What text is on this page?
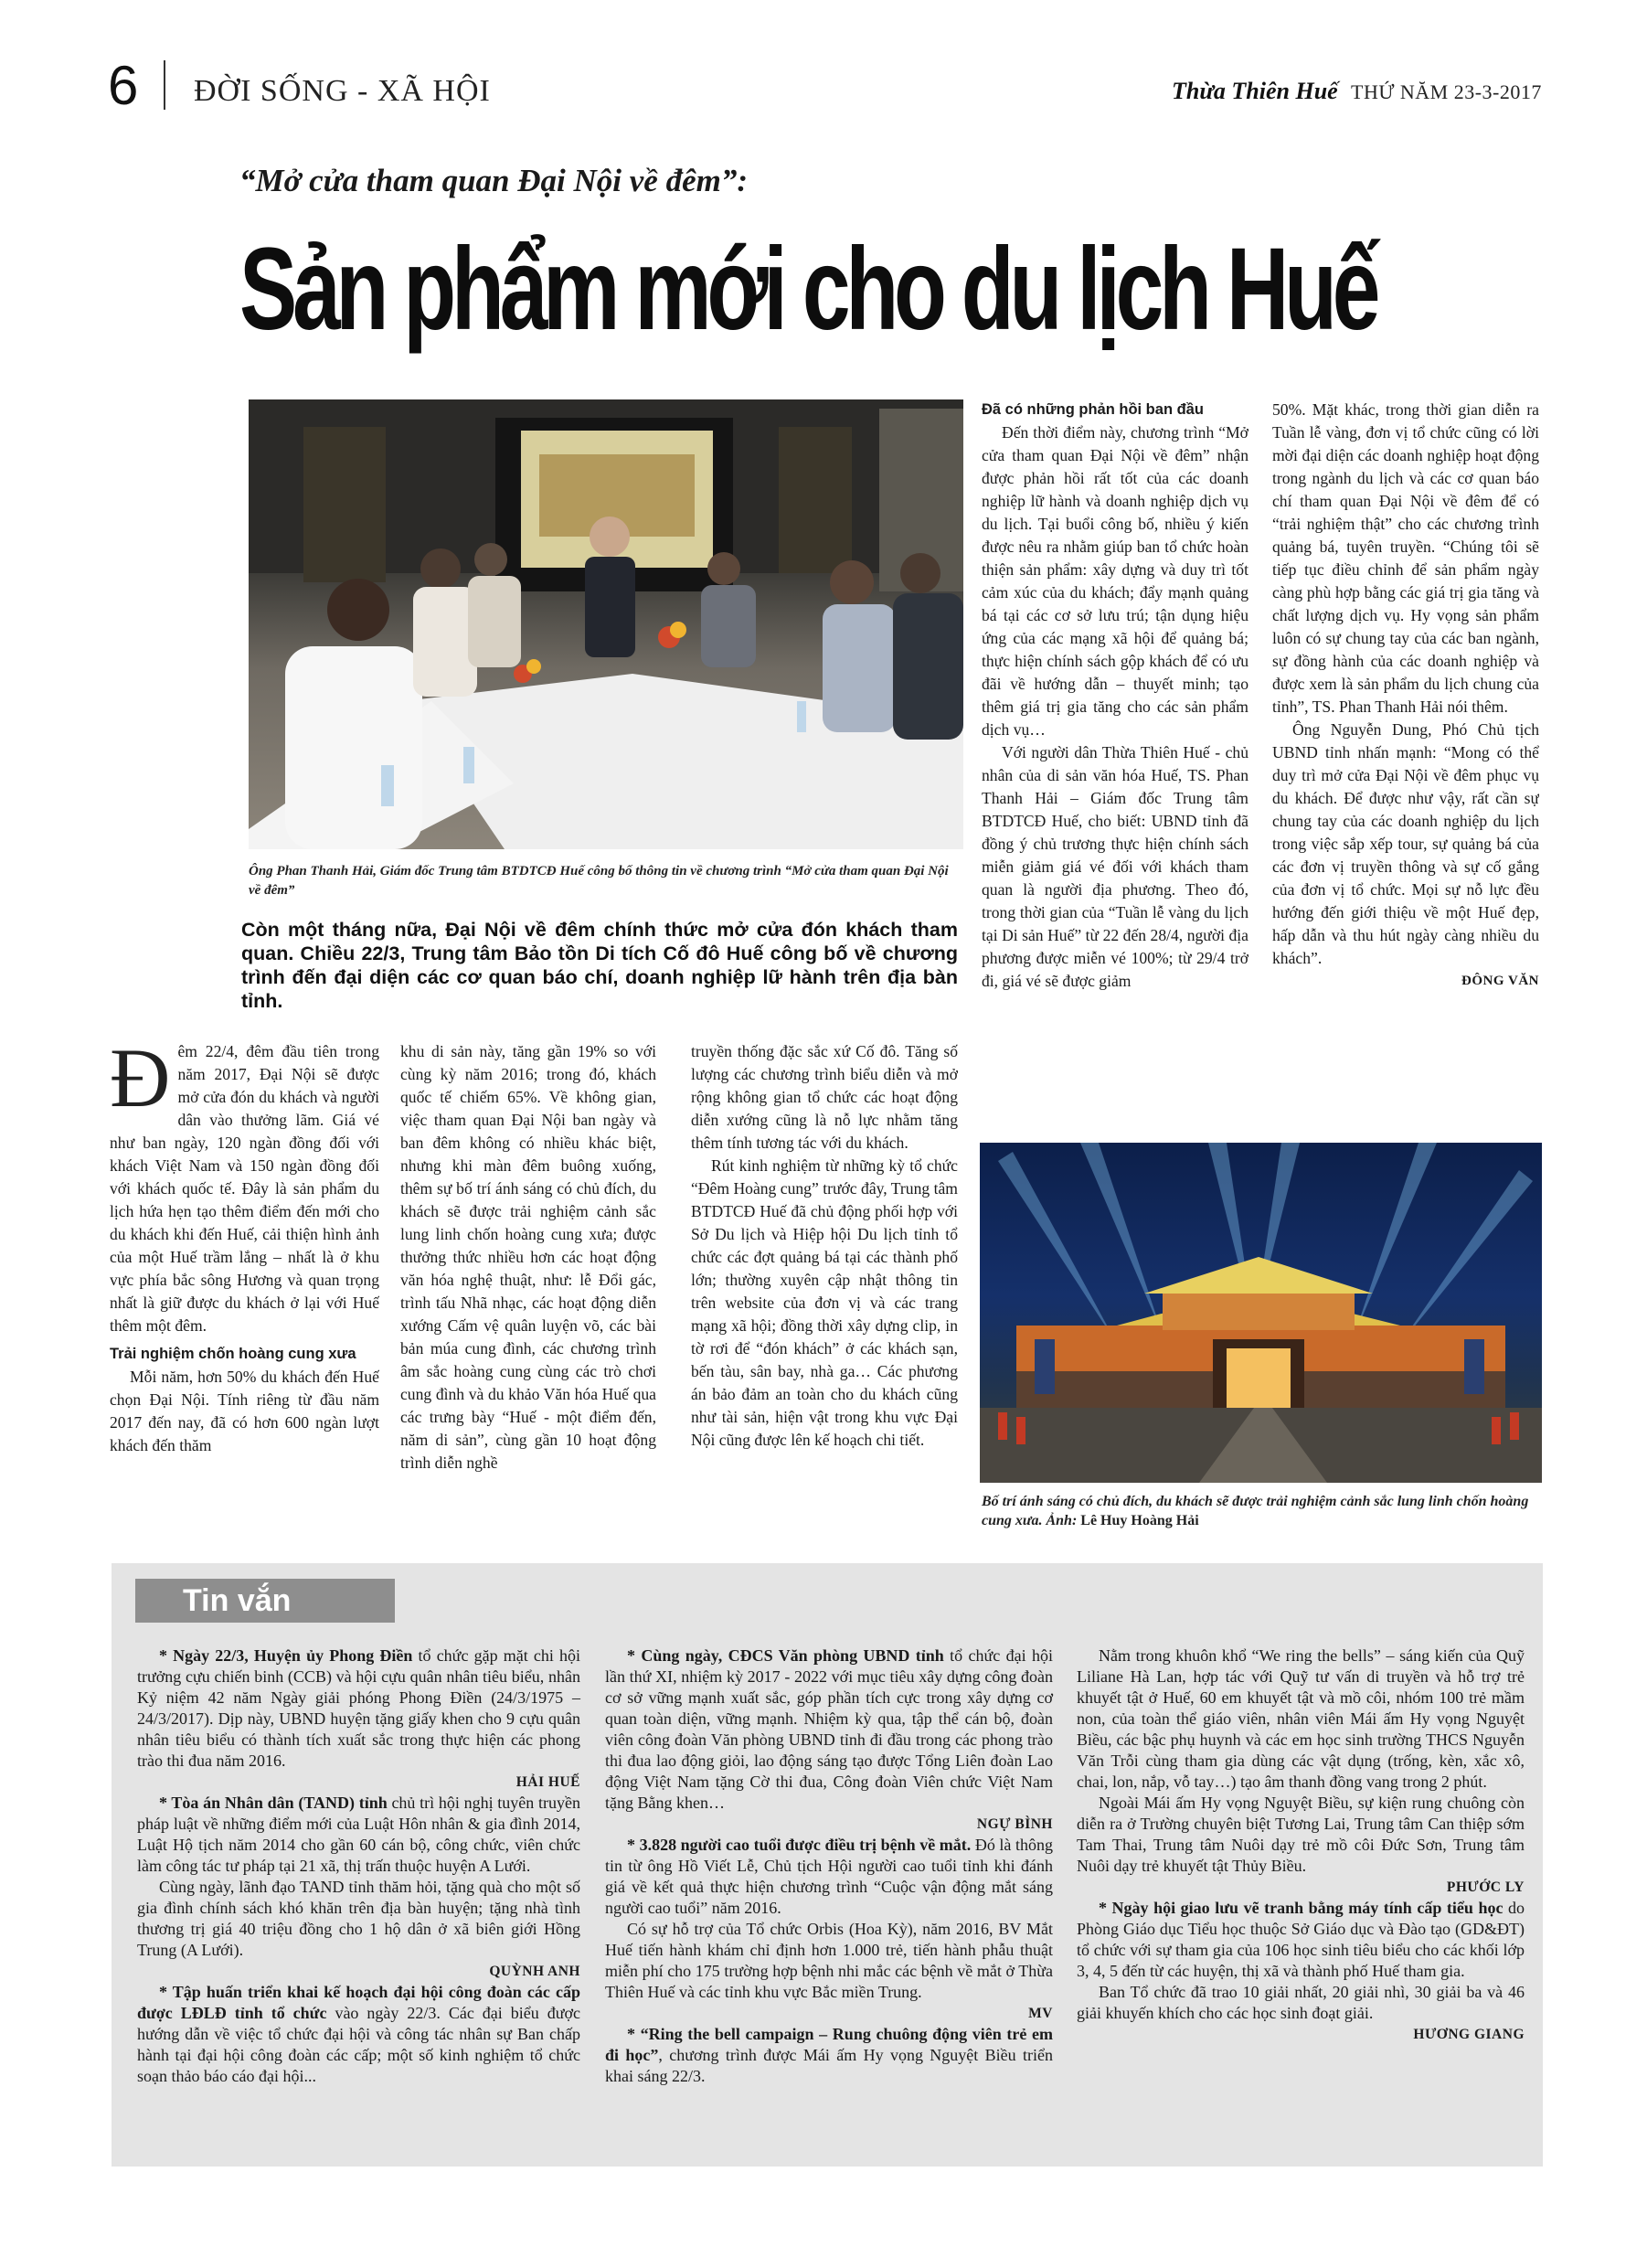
6 ĐỜI SỐNG - XÃ HỘI	Thừa Thiên Huế THỨ NĂM 23-3-2017
“Mở cửa tham quan Đại Nội về đêm”:
Sản phẩm mới cho du lịch Huế
Ông Phan Thanh Hải, Giám đốc Trung tâm BTDTCĐ Huế công bố thông tin về chương trình “Mở cửa tham quan Đại Nội về đêm”
Còn một tháng nữa, Đại Nội về đêm chính thức mở cửa đón khách tham quan. Chiều 22/3, Trung tâm Bảo tồn Di tích Cố đô Huế công bố về chương trình đến đại diện các cơ quan báo chí, doanh nghiệp lữ hành trên địa bàn tỉnh.
Đ êm 22/4, đêm đầu tiên trong năm 2017, Đại Nội sẽ được mở cửa đón du khách và người dân vào thưởng lãm. Giá vé như ban ngày, 120 ngàn đồng đối với khách Việt Nam và 150 ngàn đồng đối với khách quốc tế. Đây là sản phẩm du lịch hứa hẹn tạo thêm điểm đến mới cho du khách khi đến Huế, cải thiện hình ảnh của một Huế trầm lắng – nhất là ở khu vực phía bắc sông Hương và quan trọng nhất là giữ được du khách ở lại với Huế thêm một đêm.

Trải nghiệm chốn hoàng cung xưa

Mỗi năm, hơn 50% du khách đến Huế chọn Đại Nội. Tính riêng từ đầu năm 2017 đến nay, đã có hơn 600 ngàn lượt khách đến thăm

khu di sản này, tăng gần 19% so với cùng kỳ năm 2016; trong đó, khách quốc tế chiếm 65%. Về không gian, việc tham quan Đại Nội ban ngày và ban đêm không có nhiều khác biệt, nhưng khi màn đêm buông xuống, thêm sự bố trí ánh sáng có chủ đích, du khách sẽ được trải nghiệm cảnh sắc lung linh chốn hoàng cung xưa; được thưởng thức nhiều hơn các hoạt động văn hóa nghệ thuật, như: lễ Đổi gác, trình tấu Nhã nhạc, các hoạt động diễn xướng Cấm vệ quân luyện võ, các bài bản múa cung đình, các chương trình âm sắc hoàng cung cùng các trò chơi cung đình và du khảo Văn hóa Huế qua các trưng bày “Huế - một điểm đến, năm di sản”, cùng gần 10 hoạt động trình diễn nghề

truyền thống đặc sắc xứ Cố đô. Tăng số lượng các chương trình biểu diễn và mở rộng không gian tổ chức các hoạt động diễn xướng cũng là nỗ lực nhằm tăng thêm tính tương tác với du khách.

Rút kinh nghiệm từ những kỳ tổ chức “Đêm Hoàng cung” trước đây, Trung tâm BTDTCĐ Huế đã chủ động phối hợp với Sở Du lịch và Hiệp hội Du lịch tỉnh tổ chức các đợt quảng bá tại các thành phố lớn; thường xuyên cập nhật thông tin trên website của đơn vị và các trang mạng xã hội; đồng thời xây dựng clip, in tờ rơi để “đón khách” ở các khách sạn, bến tàu, sân bay, nhà ga… Các phương án bảo đảm an toàn cho du khách cũng như tài sản, hiện vật trong khu vực Đại Nội cũng được lên kế hoạch chi tiết.

Đã có những phản hồi ban đầu

Đến thời điểm này, chương trình “Mở cửa tham quan Đại Nội về đêm” nhận được phản hồi rất tốt của các doanh nghiệp lữ hành và doanh nghiệp dịch vụ du lịch. Tại buổi công bố, nhiều ý kiến được nêu ra nhằm giúp ban tổ chức hoàn thiện sản phẩm: xây dựng và duy trì tốt cảm xúc của du khách; đẩy mạnh quảng bá tại các cơ sở lưu trú; tận dụng hiệu ứng của các mạng xã hội để quảng bá; thực hiện chính sách gộp khách để có ưu đãi về hướng dẫn – thuyết minh; tạo thêm giá trị gia tăng cho các sản phẩm dịch vụ…

Với người dân Thừa Thiên Huế - chủ nhân của di sản văn hóa Huế, TS. Phan Thanh Hải – Giám đốc Trung tâm BTDTCĐ Huế, cho biết: UBND tỉnh đã đồng ý chủ trương thực hiện chính sách miễn giảm giá vé đối với khách tham quan là người địa phương. Theo đó, trong thời gian của “Tuần lễ vàng du lịch tại Di sản Huế” từ 22 đến 28/4, người địa phương được miễn vé 100%; từ 29/4 trở đi, giá vé sẽ được giảm

50%. Mặt khác, trong thời gian diễn ra Tuần lễ vàng, đơn vị tổ chức cũng có lời mời đại diện các doanh nghiệp hoạt động trong ngành du lịch và các cơ quan báo chí tham quan Đại Nội về đêm để có “trải nghiệm thật” cho các chương trình quảng bá, tuyên truyền. “Chúng tôi sẽ tiếp tục điều chỉnh để sản phẩm ngày càng phù hợp bằng các giá trị gia tăng và chất lượng dịch vụ. Hy vọng sản phẩm luôn có sự chung tay của các ban ngành, sự đồng hành của các doanh nghiệp và được xem là sản phẩm du lịch chung của tỉnh”, TS. Phan Thanh Hải nói thêm.

Ông Nguyễn Dung, Phó Chủ tịch UBND tỉnh nhấn mạnh: “Mong có thể duy trì mở cửa Đại Nội về đêm phục vụ du khách. Để được như vậy, rất cần sự chung tay của các doanh nghiệp du lịch trong việc sắp xếp tour, sự quảng bá của các đơn vị truyền thông và sự cố gắng của đơn vị tổ chức. Mọi sự nỗ lực đều hướng đến giới thiệu về một Huế đẹp, hấp dẫn và thu hút ngày càng nhiều du khách”.

ĐÔNG VĂN

Bố trí ánh sáng có chủ đích, du khách sẽ được trải nghiệm cảnh sắc lung linh chốn hoàng cung xưa. Ảnh: Lê Huy Hoàng Hải
Tin vắn

* Ngày 22/3, Huyện ủy Phong Điền tổ chức gặp mặt chi hội trưởng cựu chiến binh (CCB) và hội cựu quân nhân tiêu biểu, nhân Kỷ niệm 42 năm Ngày giải phóng Phong Điền (24/3/1975 – 24/3/2017). Dịp này, UBND huyện tặng giấy khen cho 9 cựu quân nhân tiêu biểu có thành tích xuất sắc trong thực hiện các phong trào thi đua năm 2016.

HẢI HUẾ

* Tòa án Nhân dân (TAND) tỉnh chủ trì hội nghị tuyên truyền pháp luật về những điểm mới của Luật Hôn nhân & gia đình 2014, Luật Hộ tịch năm 2014 cho gần 60 cán bộ, công chức, viên chức làm công tác tư pháp tại 21 xã, thị trấn thuộc huyện A Lưới.

Cùng ngày, lãnh đạo TAND tỉnh thăm hỏi, tặng quà cho một số gia đình chính sách khó khăn trên địa bàn huyện; tặng nhà tình thương trị giá 40 triệu đồng cho 1 hộ dân ở xã biên giới Hồng Trung (A Lưới).

QUỲNH ANH

* Tập huấn triển khai kế hoạch đại hội công đoàn các cấp được LĐLĐ tỉnh tổ chức vào ngày 22/3. Các đại biểu được hướng dẫn về việc tổ chức đại hội và công tác nhân sự Ban chấp hành tại đại hội công đoàn các cấp; một số kinh nghiệm tổ chức soạn thảo báo cáo đại hội...

* Cùng ngày, CĐCS Văn phòng UBND tỉnh tổ chức đại hội lần thứ XI, nhiệm kỳ 2017 - 2022 với mục tiêu xây dựng công đoàn cơ sở vững mạnh xuất sắc, góp phần tích cực trong xây dựng cơ quan toàn diện, vững mạnh. Nhiệm kỳ qua, tập thể cán bộ, đoàn viên công đoàn Văn phòng UBND tỉnh đi đầu trong các phong trào thi đua lao động giỏi, lao động sáng tạo được Tổng Liên đoàn Lao động Việt Nam tặng Cờ thi đua, Công đoàn Viên chức Việt Nam tặng Bằng khen…

NGỰ BÌNH

* 3.828 người cao tuổi được điều trị bệnh về mắt. Đó là thông tin từ ông Hồ Viết Lễ, Chủ tịch Hội người cao tuổi tỉnh khi đánh giá về kết quả thực hiện chương trình “Cuộc vận động mắt sáng người cao tuổi” năm 2016.

Có sự hỗ trợ của Tổ chức Orbis (Hoa Kỳ), năm 2016, BV Mắt Huế tiến hành khám chỉ định hơn 1.000 trẻ, tiến hành phẫu thuật miễn phí cho 175 trường hợp bệnh nhi mắc các bệnh về mắt ở Thừa Thiên Huế và các tỉnh khu vực Bắc miền Trung.

MV

* “Ring the bell campaign – Rung chuông động viên trẻ em đi học”, chương trình được Mái ấm Hy vọng Nguyệt Biều triển khai sáng 22/3.

Nằm trong khuôn khổ “We ring the bells” – sáng kiến của Quỹ Liliane Hà Lan, hợp tác với Quỹ tư vấn di truyền và hỗ trợ trẻ khuyết tật ở Huế, 60 em khuyết tật và mồ côi, nhóm 100 trẻ mầm non, của toàn thể giáo viên, nhân viên Mái ấm Hy vọng Nguyệt Biều, các bậc phụ huynh và các em học sinh trường THCS Nguyễn Văn Trỗi cùng tham gia dùng các vật dụng (trống, kèn, xắc xô, chai, lon, nắp, vỗ tay…) tạo âm thanh đồng vang trong 2 phút.

Ngoài Mái ấm Hy vọng Nguyệt Biều, sự kiện rung chuông còn diễn ra ở Trường chuyên biệt Tương Lai, Trung tâm Can thiệp sớm Tam Thai, Trung tâm Nuôi dạy trẻ mồ côi Đức Sơn, Trung tâm Nuôi dạy trẻ khuyết tật Thủy Biều.

PHƯỚC LY

* Ngày hội giao lưu vẽ tranh bằng máy tính cấp tiểu học do Phòng Giáo dục Tiểu học thuộc Sở Giáo dục và Đào tạo (GD&ĐT) tổ chức với sự tham gia của 106 học sinh tiêu biểu cho các khối lớp 3, 4, 5 đến từ các huyện, thị xã và thành phố Huế tham gia.

Ban Tổ chức đã trao 10 giải nhất, 20 giải nhì, 30 giải ba và 46 giải khuyến khích cho các học sinh đoạt giải.

HƯƠNG GIANG
